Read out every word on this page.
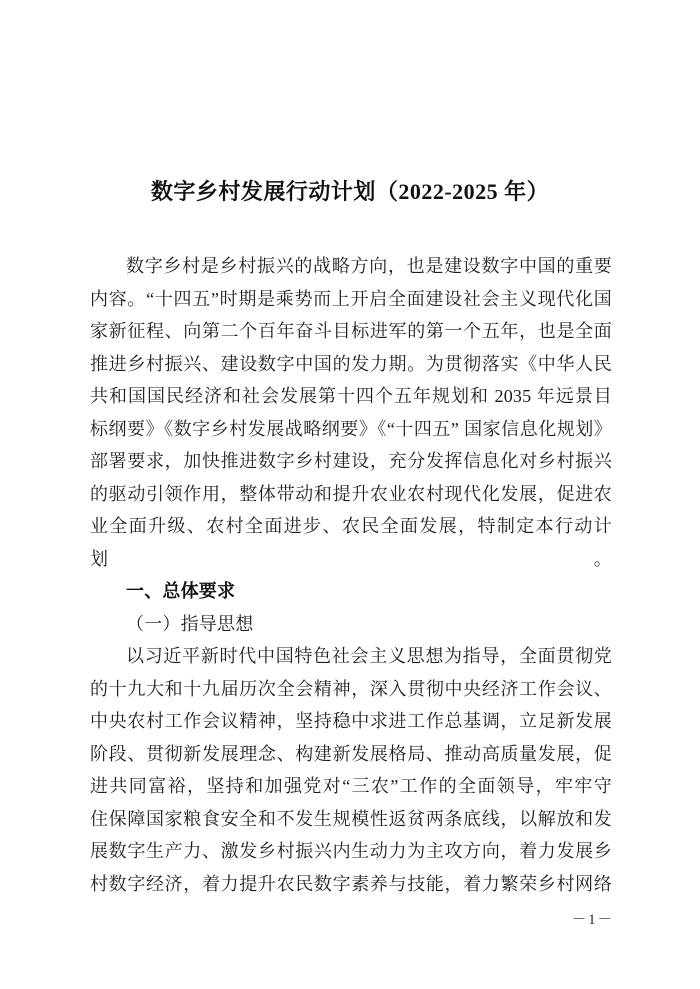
数字乡村发展行动计划（2022-2025 年）
数字乡村是乡村振兴的战略方向，也是建设数字中国的重要
内容。“十四五”时期是乘势而上开启全面建设社会主义现代化国
家新征程、向第二个百年奋斗目标进军的第一个五年，也是全面
推进乡村振兴、建设数字中国的发力期。为贯彻落实《中华人民
共和国国民经济和社会发展第十四个五年规划和 2035 年远景目
标纲要》《数字乡村发展战略纲要》《“十四五” 国家信息化规划》
部署要求，加快推进数字乡村建设，充分发挥信息化对乡村振兴
的驱动引领作用，整体带动和提升农业农村现代化发展，促进农
业全面升级、农村全面进步、农民全面发展，特制定本行动计划。
一、总体要求
（一）指导思想
以习近平新时代中国特色社会主义思想为指导，全面贯彻党
的十九大和十九届历次全会精神，深入贯彻中央经济工作会议、
中央农村工作会议精神，坚持稳中求进工作总基调，立足新发展
阶段、贯彻新发展理念、构建新发展格局、推动高质量发展，促
进共同富裕，坚持和加强党对“三农”工作的全面领导，牢牢守
住保障国家粮食安全和不发生规模性返贫两条底线，以解放和发
展数字生产力、激发乡村振兴内生动力为主攻方向，着力发展乡
村数字经济，着力提升农民数字素养与技能，着力繁荣乡村网络
－1－
